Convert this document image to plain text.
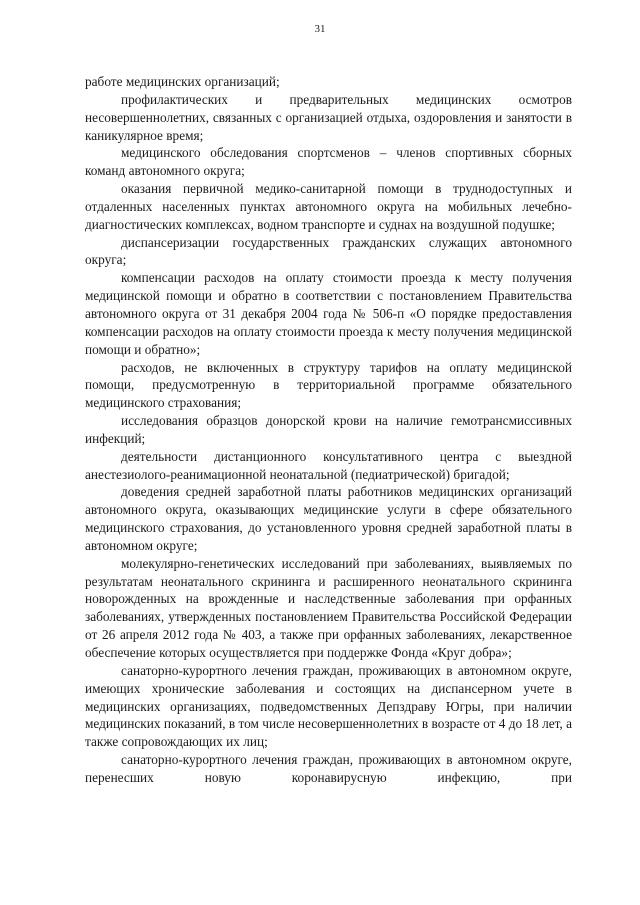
31

работе медицинских организаций;

профилактических и предварительных медицинских осмотров несовершеннолетних, связанных с организацией отдыха, оздоровления и занятости в каникулярное время;

медицинского обследования спортсменов – членов спортивных сборных команд автономного округа;

оказания первичной медико-санитарной помощи в труднодоступных и отдаленных населенных пунктах автономного округа на мобильных лечебно-диагностических комплексах, водном транспорте и суднах на воздушной подушке;

диспансеризации государственных гражданских служащих автономного округа;

компенсации расходов на оплату стоимости проезда к месту получения медицинской помощи и обратно в соответствии с постановлением Правительства автономного округа от 31 декабря 2004 года № 506-п «О порядке предоставления компенсации расходов на оплату стоимости проезда к месту получения медицинской помощи и обратно»;

расходов, не включенных в структуру тарифов на оплату медицинской помощи, предусмотренную в территориальной программе обязательного медицинского страхования;

исследования образцов донорской крови на наличие гемотрансмиссивных инфекций;

деятельности дистанционного консультативного центра с выездной анестезиолого-реанимационной неонатальной (педиатрической) бригадой;

доведения средней заработной платы работников медицинских организаций автономного округа, оказывающих медицинские услуги в сфере обязательного медицинского страхования, до установленного уровня средней заработной платы в автономном округе;

молекулярно-генетических исследований при заболеваниях, выявляемых по результатам неонатального скрининга и расширенного неонатального скрининга новорожденных на врожденные и наследственные заболевания при орфанных заболеваниях, утвержденных постановлением Правительства Российской Федерации от 26 апреля 2012 года № 403, а также при орфанных заболеваниях, лекарственное обеспечение которых осуществляется при поддержке Фонда «Круг добра»;

санаторно-курортного лечения граждан, проживающих в автономном округе, имеющих хронические заболевания и состоящих на диспансерном учете в медицинских организациях, подведомственных Депздраву Югры, при наличии медицинских показаний, в том числе несовершеннолетних в возрасте от 4 до 18 лет, а также сопровождающих их лиц;

санаторно-курортного лечения граждан, проживающих в автономном округе, перенесших новую коронавирусную инфекцию, при
